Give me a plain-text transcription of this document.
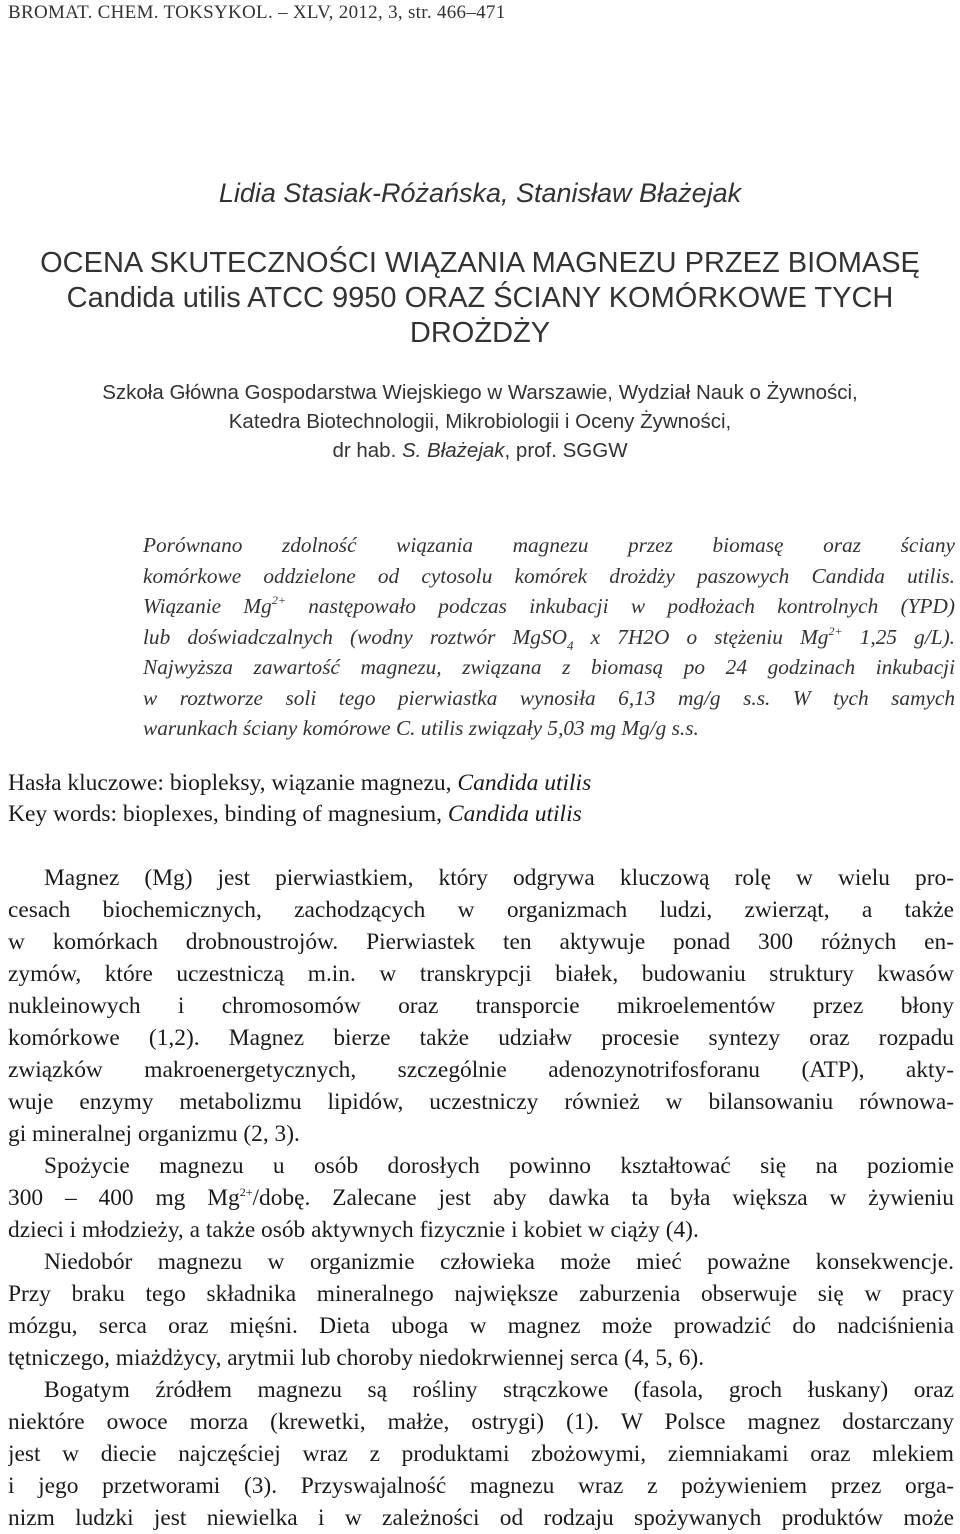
BROMAT. CHEM. TOKSYKOL. – XLV, 2012, 3, str. 466–471
Lidia Stasiak-Różańska, Stanisław Błażejak
OCENA SKUTECZNOŚCI WIĄZANIA MAGNEZU PRZEZ BIOMASĘ
Candida utilis ATCC 9950 ORAZ ŚCIANY KOMÓRKOWE TYCH
DROŻDŻY
Szkoła Główna Gospodarstwa Wiejskiego w Warszawie, Wydział Nauk o Żywności,
Katedra Biotechnologii, Mikrobiologii i Oceny Żywności,
dr hab. S. Błażejak, prof. SGGW
Porównano zdolność wiązania magnezu przez biomasę oraz ściany
komórkowe oddzielone od cytosolu komórek drożdży paszowych Candida utilis.
Wiązanie $Mg^{2+}$ następowało podczas inkubacji w podłożach kontrolnych (YPD)
lub doświadczalnych (wodny roztwór MgSO$_4$ x 7H2O o stężeniu $Mg^{2+}$ 1,25 g/L).
Najwyższa zawartość magnezu, związana z biomasą po 24 godzinach inkubacji
w roztworze soli tego pierwiastka wynosiła 6,13 mg/g s.s. W tych samych
warunkach ściany komórowe C. utilis związały 5,03 mg Mg/g s.s.
Hasła kluczowe: biopleksy, wiązanie magnezu, Candida utilis
Key words: bioplexes, binding of magnesium, Candida utilis
Magnez (Mg) jest pierwiastkiem, który odgrywa kluczową rolę w wielu pro-
cesach biochemicznych, zachodzących w organizmach ludzi, zwierząt, a także
w komórkach drobnoustrojów. Pierwiastek ten aktywuje ponad 300 różnych en-
zymów, które uczestniczą m.in. w transkrypcji białek, budowaniu struktury kwasów
nukleinowych i chromosomów oraz transporcie mikroelementów przez błony
komórkowe (1,2). Magnez bierze także udziałw procesie syntezy oraz rozpadu
związków makroenergetycznych, szczególnie adenozynotrifosforanu (ATP), akty-
wuje enzymy metabolizmu lipidów, uczestniczy również w bilansowaniu równowa-
gi mineralnej organizmu (2, 3).
Spożycie magnezu u osób dorosłych powinno kształtować się na poziomie
300 – 400 mg $Mg^{2+}$/dobę. Zalecane jest aby dawka ta była większa w żywieniu
dzieci i młodzieży, a także osób aktywnych fizycznie i kobiet w ciąży (4).
Niedobór magnezu w organizmie człowieka może mieć poważne konsekwencje.
Przy braku tego składnika mineralnego największe zaburzenia obserwuje się w pracy
mózgu, serca oraz mięśni. Dieta uboga w magnez może prowadzić do nadciśnienia
tętniczego, miażdżycy, arytmii lub choroby niedokrwiennej serca (4, 5, 6).
Bogatym źródłem magnezu są rośliny strączkowe (fasola, groch łuskany) oraz
niektóre owoce morza (krewetki, małże, ostrygi) (1). W Polsce magnez dostarczany
jest w diecie najczęściej wraz z produktami zbożowymi, ziemniakami oraz mlekiem
i jego przetworami (3). Przyswajalność magnezu wraz z pożywieniem przez orga-
nizm ludzki jest niewielka i w zależności od rodzaju spożywanych produktów może
